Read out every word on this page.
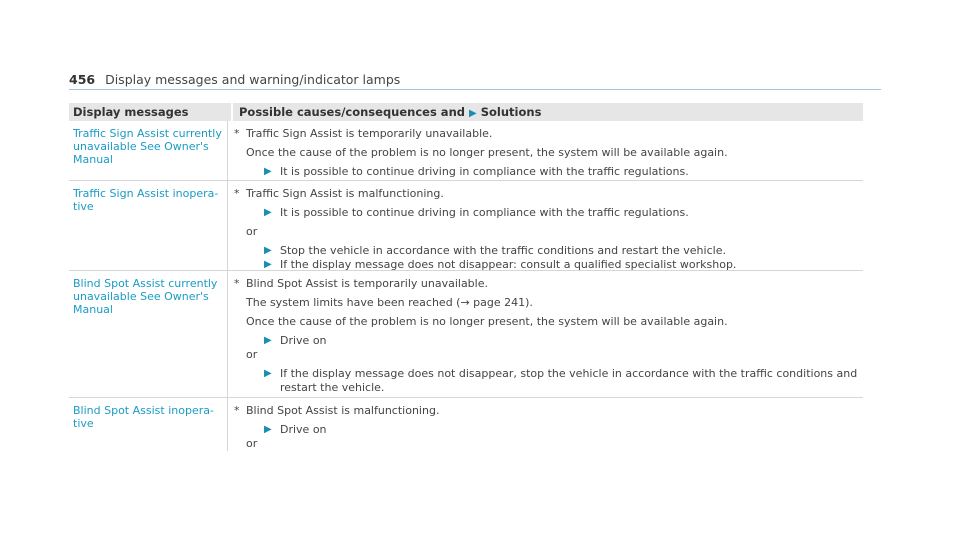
456 Display messages and warning/indicator lamps
Display messages	Possible causes/consequences and ▶ Solutions
Traffic Sign Assist currently unavailable See Owner's Manual
* Traffic Sign Assist is temporarily unavailable.
Once the cause of the problem is no longer present, the system will be available again.
▶ It is possible to continue driving in compliance with the traffic regulations.
Traffic Sign Assist inopera-tive
* Traffic Sign Assist is malfunctioning.
▶ It is possible to continue driving in compliance with the traffic regulations.
or
▶ Stop the vehicle in accordance with the traffic conditions and restart the vehicle.
▶ If the display message does not disappear: consult a qualified specialist workshop.
Blind Spot Assist currently unavailable See Owner's Manual
* Blind Spot Assist is temporarily unavailable.
The system limits have been reached (→ page 241).
Once the cause of the problem is no longer present, the system will be available again.
▶ Drive on
or
▶ If the display message does not disappear, stop the vehicle in accordance with the traffic conditions and restart the vehicle.
Blind Spot Assist inopera-tive
* Blind Spot Assist is malfunctioning.
▶ Drive on
or
